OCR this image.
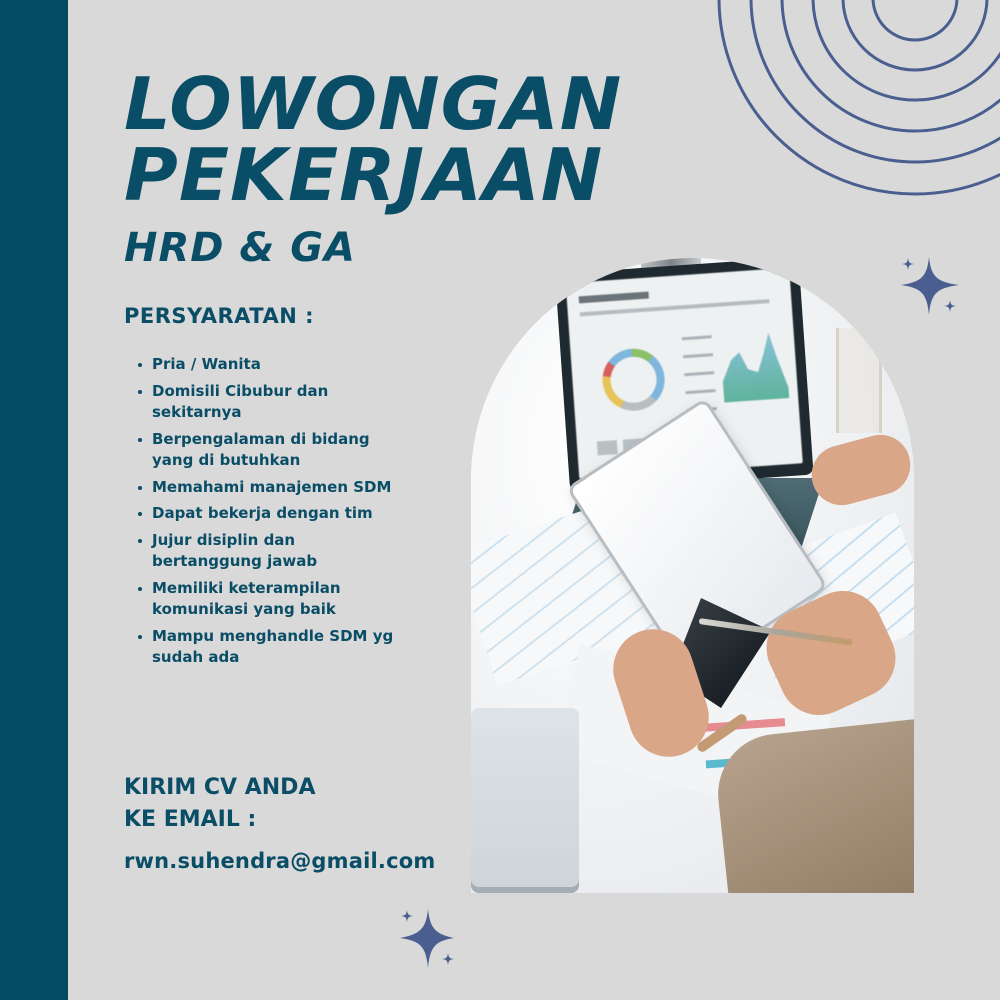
LOWONGAN
PEKERJAAN
HRD & GA
PERSYARATAN :
Pria / Wanita
Domisili Cibubur dan sekitarnya
Berpengalaman di bidang yang di butuhkan
Memahami manajemen SDM
Dapat bekerja dengan tim
Jujur disiplin dan bertanggung jawab
Memiliki keterampilan komunikasi yang baik
Mampu menghandle SDM yg sudah ada
KIRIM CV ANDA
KE EMAIL :
rwn.suhendra@gmail.com
